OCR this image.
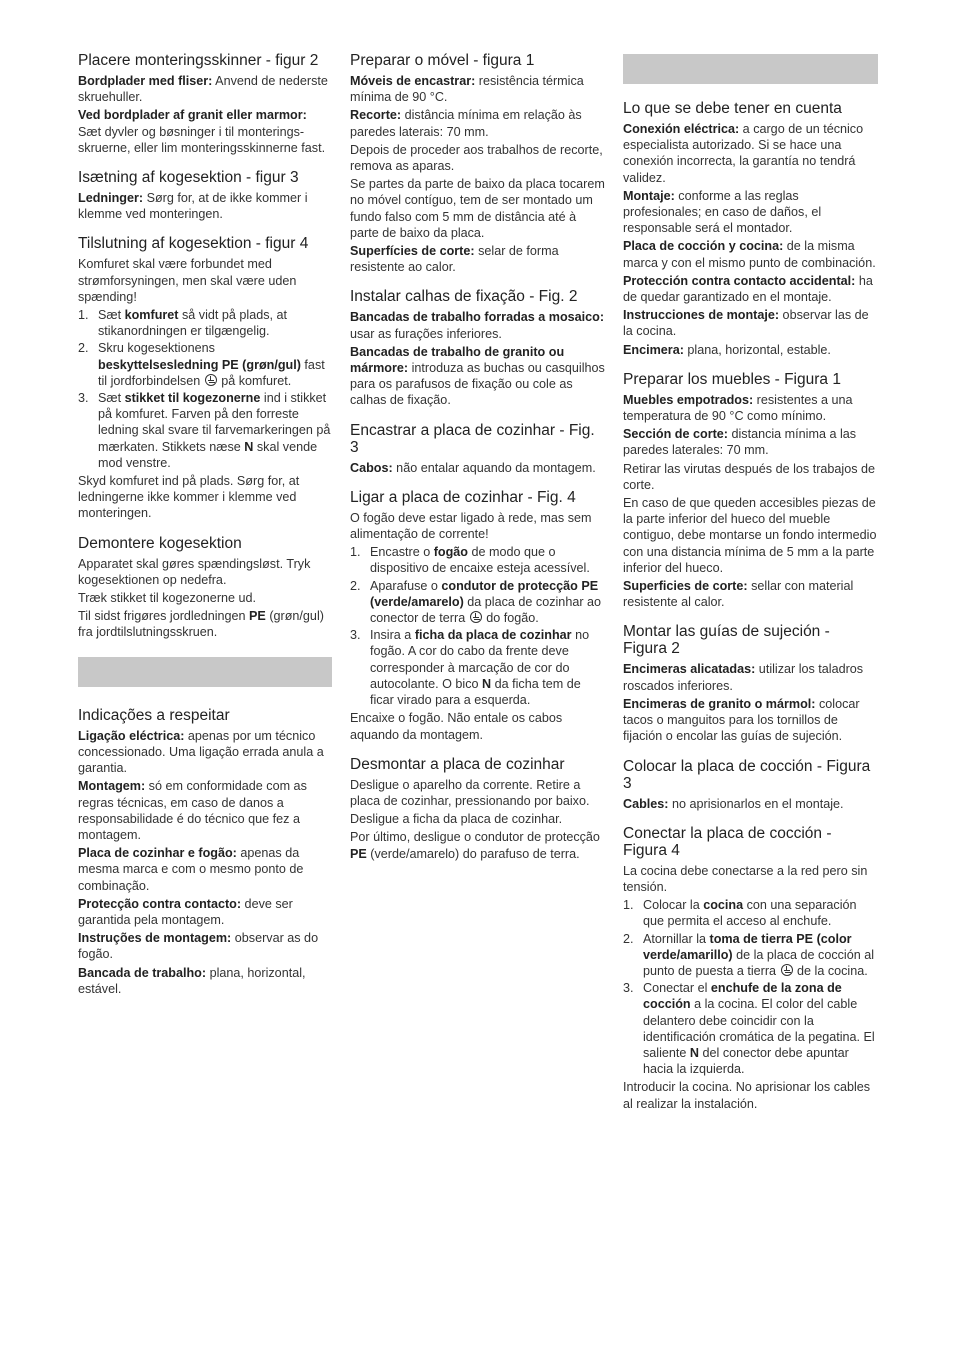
Placere monteringsskinner - figur 2

Bordplader med fliser: Anvend de nederste skruehuller.

Ved bordplader af granit eller marmor: Sæt dyvler og bøsninger i til monterings-skruerne, eller lim monteringsskinnerne fast.

Isætning af kogesektion - figur 3

Ledninger: Sørg for, at de ikke kommer i klemme ved monteringen.

Tilslutning af kogesektion - figur 4

Komfuret skal være forbundet med strømforsyningen, men skal være uden spænding!

1. Sæt komfuret så vidt på plads, at stikanordningen er tilgængelig.
2. Skru kogesektionens beskyttelsesledning PE (grøn/gul) fast til jordforbindelsen  på komfuret.
3. Sæt stikket til kogezonerne ind i stikket på komfuret. Farven på den forreste ledning skal svare til farvemarkeringen på mærkaten. Stikkets næse N skal vende mod venstre.

Skyd komfuret ind på plads. Sørg for, at ledningerne ikke kommer i klemme ved monteringen.

Demontere kogesektion

Apparatet skal gøres spændingsløst. Tryk kogesektionen op nedefra.

Træk stikket til kogezonerne ud.

Til sidst frigøres jordledningen PE (grøn/gul) fra jordtilslutningsskruen.

Indicações a respeitar

Ligação eléctrica: apenas por um técnico concessionado. Uma ligação errada anula a garantia.

Montagem: só em conformidade com as regras técnicas, em caso de danos a responsabilidade é do técnico que fez a montagem.

Placa de cozinhar e fogão: apenas da mesma marca e com o mesmo ponto de combinação.

Protecção contra contacto: deve ser garantida pela montagem.

Instruções de montagem: observar as do fogão.

Bancada de trabalho: plana, horizontal, estável.

Preparar o móvel - figura 1

Móveis de encastrar: resistência térmica mínima de 90 °C.

Recorte: distância mínima em relação às paredes laterais: 70 mm.

Depois de proceder aos trabalhos de recorte, remova as aparas.

Se partes da parte de baixo da placa tocarem no móvel contíguo, tem de ser montado um fundo falso com 5 mm de distância até à parte de baixo da placa.

Superfícies de corte: selar de forma resistente ao calor.

Instalar calhas de fixação - Fig. 2

Bancadas de trabalho forradas a mosaico: usar as furações inferiores.

Bancadas de trabalho de granito ou mármore: introduza as buchas ou casquilhos para os parafusos de fixação ou cole as calhas de fixação.

Encastrar a placa de cozinhar - Fig. 3

Cabos: não entalar aquando da montagem.

Ligar a placa de cozinhar - Fig. 4

O fogão deve estar ligado à rede, mas sem alimentação de corrente!

1. Encastre o fogão de modo que o dispositivo de encaixe esteja acessível.
2. Aparafuse o condutor de protecção PE (verde/amarelo) da placa de cozinhar ao conector de terra  do fogão.
3. Insira a ficha da placa de cozinhar no fogão. A cor do cabo da frente deve corresponder à marcação de cor do autocolante. O bico N da ficha tem de ficar virado para a esquerda.

Encaixe o fogão. Não entale os cabos aquando da montagem.

Desmontar a placa de cozinhar

Desligue o aparelho da corrente. Retire a placa de cozinhar, pressionando por baixo.

Desligue a ficha da placa de cozinhar.

Por último, desligue o condutor de protecção PE (verde/amarelo) do parafuso de terra.

Lo que se debe tener en cuenta

Conexión eléctrica: a cargo de un técnico especialista autorizado. Si se hace una conexión incorrecta, la garantía no tendrá validez.

Montaje: conforme a las reglas profesionales; en caso de daños, el responsable será el montador.

Placa de cocción y cocina: de la misma marca y con el mismo punto de combinación.

Protección contra contacto accidental: ha de quedar garantizado en el montaje.

Instrucciones de montaje: observar las de la cocina.

Encimera: plana, horizontal, estable.

Preparar los muebles - Figura 1

Muebles empotrados: resistentes a una temperatura de 90 °C como mínimo.

Sección de corte: distancia mínima a las paredes laterales: 70 mm.

Retirar las virutas después de los trabajos de corte.

En caso de que queden accesibles piezas de la parte inferior del hueco del mueble contiguo, debe montarse un fondo intermedio con una distancia mínima de 5 mm a la parte inferior del hueco.

Superficies de corte: sellar con material resistente al calor.

Montar las guías de sujeción - Figura 2

Encimeras alicatadas: utilizar los taladros roscados inferiores.

Encimeras de granito o mármol: colocar tacos o manguitos para los tornillos de fijación o encolar las guías de sujeción.

Colocar la placa de cocción - Figura 3

Cables: no aprisionarlos en el montaje.

Conectar la placa de cocción - Figura 4

La cocina debe conectarse a la red pero sin tensión.

1. Colocar la cocina con una separación que permita el acceso al enchufe.
2. Atornillar la toma de tierra PE (color verde/amarillo) de la placa de cocción al punto de puesta a tierra  de la cocina.
3. Conectar el enchufe de la zona de cocción a la cocina. El color del cable delantero debe coincidir con la identificación cromática de la pegatina. El saliente N del conector debe apuntar hacia la izquierda.

Introducir la cocina. No aprisionar los cables al realizar la instalación.
